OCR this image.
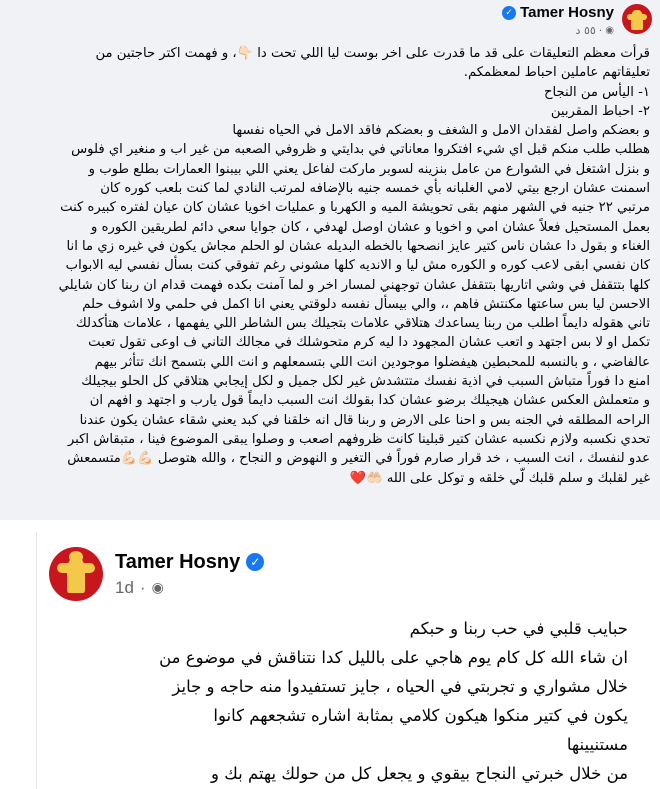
Tamer Hosny
✓
◉
·
٥٥ د

قرأت معظم التعليقات على قد ما قدرت على اخر بوست ليا اللي تحت دا 👇🏻، و فهمت اكتر حاجتين من

تعليقاتهم عاملين احباط لمعظمكم.

١- اليأس من النجاح

٢- احباط المقربين

و بعضكم واصل لفقدان الامل و الشغف و بعضكم فاقد الامل في الحياه نفسها

هطلب طلب منكم قبل اي شيء افتكروا معاناتي في بدايتي و ظروفي الصعبه من غير اب و منغير اي فلوس

و بنزل اشتغل في الشوارع من عامل بنزينه لسوبر ماركت لفاعل يعني اللي بيبنوا العمارات بطلع طوب و

اسمنت عشان ارجع بيتي لامي الغلبانه بأي خمسه جنيه بالإضافه لمرتب النادي لما كنت بلعب كوره كان

مرتبي ٢٢ جنيه في الشهر منهم بقى تحويشة الميه و الكهربا و عمليات اخويا عشان كان عيان لفتره كبيره كنت

بعمل المستحيل فعلاً عشان امي و اخويا و عشان اوصل لهدفي ، كان جوايا سعي دائم لطريقين الكوره و

الغناء و بقول دا عشان ناس كتير عايز انصحها بالخطه البديله عشان لو الحلم مجاش يكون في غيره زي ما انا

كان نفسي ابقى لاعب كوره و الكوره مش ليا و الانديه كلها مشوني رغم تفوقي كنت بسأل نفسي ليه الابواب

كلها بتتقفل في وشي اتاريها بتتقفل عشان توجهني لمسار اخر و لما آمنت بكده فهمت قدام ان ربنا كان شايلي

الاحسن ليا بس ساعتها مكنتش فاهم ،، والي بيسأل نفسه دلوقتي يعني انا اكمل في حلمي ولا اشوف حلم

تاني هقوله دايماً اطلب من ربنا يساعدك هتلاقي علامات بتجيلك بس الشاطر اللي يفهمها ، علامات هتأكدلك

تكمل او لا بس اجتهد و اتعب عشان المجهود دا ليه كرم متحوشلك في مجالك التاني ف اوعى تقول تعبت

عالفاضي ، و بالنسبه للمحبطين هيفضلوا موجودين انت اللي بتسمعلهم و انت اللي بتسمح انك تتأثر بيهم

امنع دا فوراً متباش السبب في اذية نفسك متتشدش غير لكل جميل و لكل إيجابي هتلاقي كل الحلو بيجيلك

و متعملش العكس عشان هيجيلك برضو عشان كدا بقولك انت السبب دايماً قول يارب و اجتهد و افهم ان

الراحه المطلقه في الجنه بس و احنا على الارض و ربنا قال انه خلقنا في كبد يعني شقاء عشان يكون عندنا

تحدي نكسبه ولازم نكسبه عشان كتير قبلينا كانت ظروفهم اصعب و وصلوا يبقى الموضوع فينا ، متبقاش اكبر

عدو لنفسك ، انت السبب ، خد قرار صارم فوراً في التغير و النهوض و النجاح ، والله هتوصل 💪🏻💪🏻متسمعش

غير لقلبك و سلم قلبك لّي خلقه و توكل على الله 🤲🏻❤️

Tamer Hosny ✓
1d · ◉

حبايب قلبي في حب ربنا و حبكم

ان شاء الله كل كام يوم هاجي على بالليل كدا نتناقش في موضوع من

خلال مشواري و تجربتي في الحياه ، جايز تستفيدوا منه حاجه و جايز

يكون في كتير منكوا هيكون كلامي بمثابة اشاره تشجعهم كانوا

مستنيينها

من خلال خبرتي النجاح بيقوي و يجعل كل من حولك يهتم بك و
